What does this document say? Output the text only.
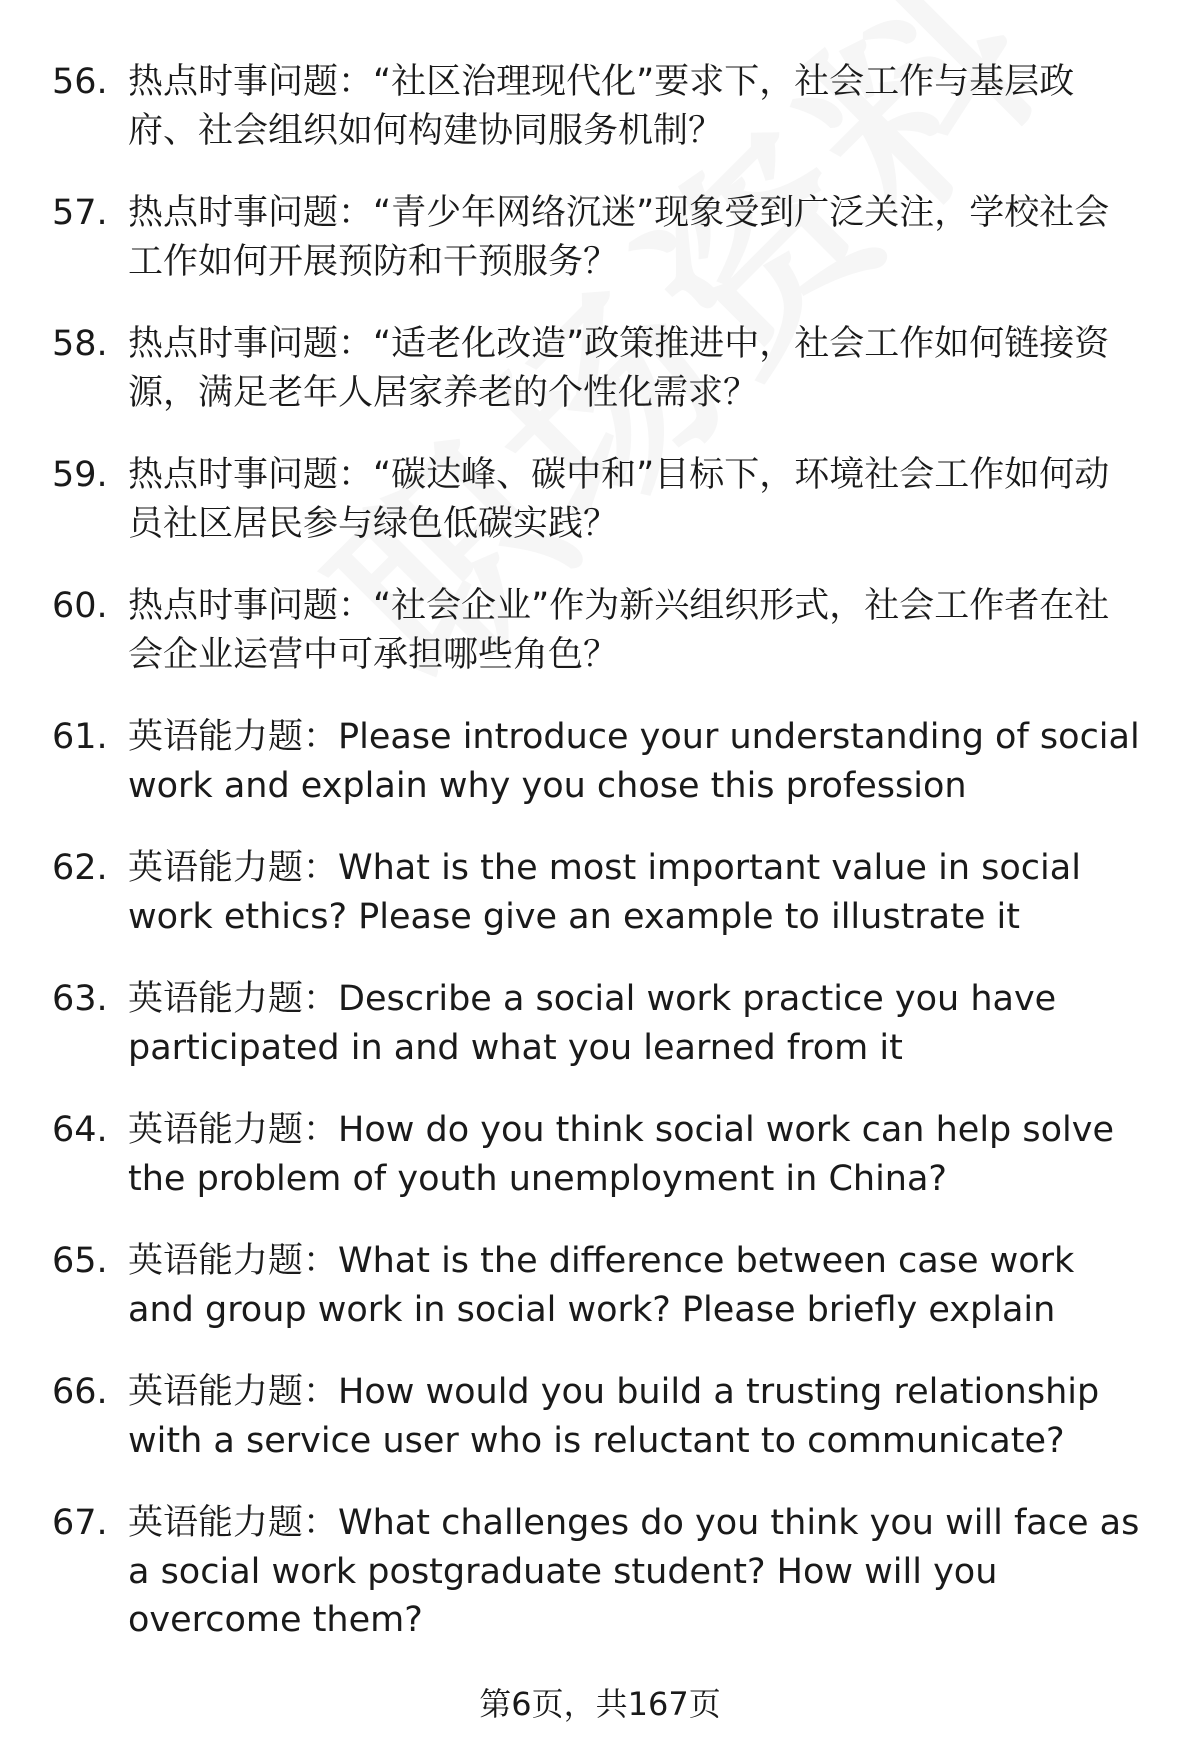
56. 热点时事问题：“社区治理现代化”要求下，社会工作与基层政府、社会组织如何构建协同服务机制？
57. 热点时事问题：“青少年网络沉迷”现象受到广泛关注，学校社会工作如何开展预防和干预服务？
58. 热点时事问题：“适老化改造”政策推进中，社会工作如何链接资源，满足老年人居家养老的个性化需求？
59. 热点时事问题：“碳达峰、碳中和”目标下，环境社会工作如何动员社区居民参与绿色低碳实践？
60. 热点时事问题：“社会企业”作为新兴组织形式，社会工作者在社会企业运营中可承担哪些角色？
61. 英语能力题：Please introduce your understanding of social work and explain why you chose this profession
62. 英语能力题：What is the most important value in social work ethics? Please give an example to illustrate it
63. 英语能力题：Describe a social work practice you have participated in and what you learned from it
64. 英语能力题：How do you think social work can help solve the problem of youth unemployment in China?
65. 英语能力题：What is the difference between case work and group work in social work? Please briefly explain
66. 英语能力题：How would you build a trusting relationship with a service user who is reluctant to communicate?
67. 英语能力题：What challenges do you think you will face as a social work postgraduate student? How will you overcome them?
第6页，共167页
